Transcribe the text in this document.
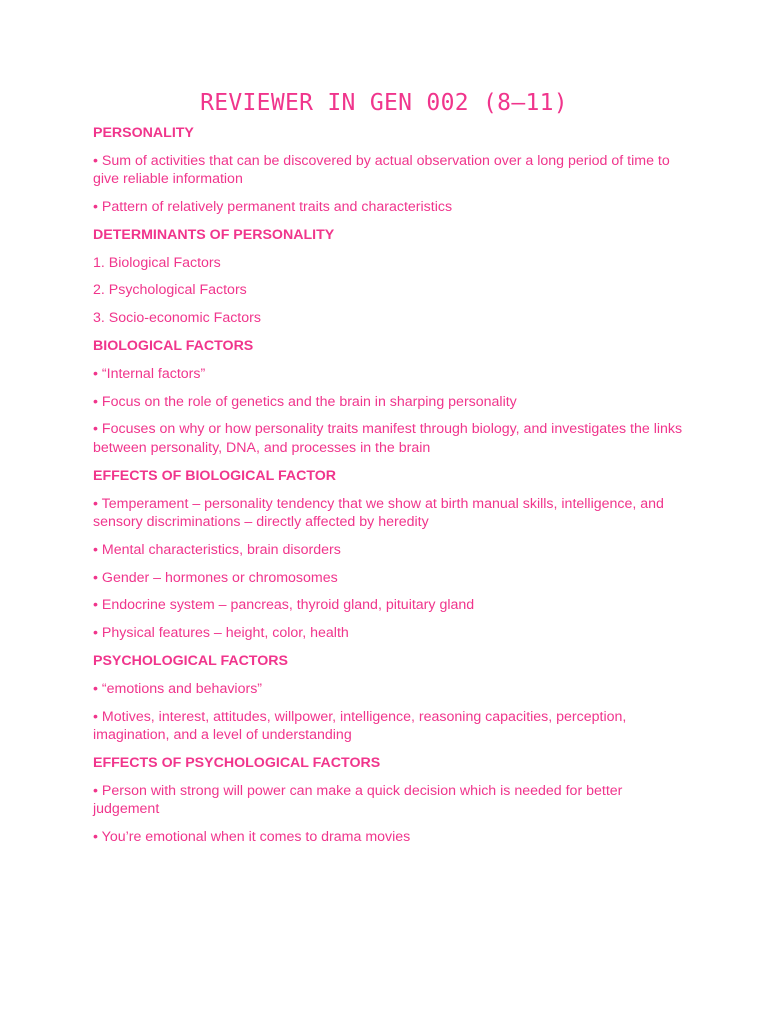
REVIEWER IN GEN 002 (8–11)
PERSONALITY
• Sum of activities that can be discovered by actual observation over a long period of time to give reliable information
• Pattern of relatively permanent traits and characteristics
DETERMINANTS OF PERSONALITY
1. Biological Factors
2. Psychological Factors
3. Socio-economic Factors
BIOLOGICAL FACTORS
• “Internal factors”
• Focus on the role of genetics and the brain in sharping personality
• Focuses on why or how personality traits manifest through biology, and investigates the links between personality, DNA, and processes in the brain
EFFECTS OF BIOLOGICAL FACTOR
• Temperament – personality tendency that we show at birth manual skills, intelligence, and sensory discriminations – directly affected by heredity
• Mental characteristics, brain disorders
• Gender – hormones or chromosomes
• Endocrine system – pancreas, thyroid gland, pituitary gland
• Physical features – height, color, health
PSYCHOLOGICAL FACTORS
• “emotions and behaviors”
• Motives, interest, attitudes, willpower, intelligence, reasoning capacities, perception, imagination, and a level of understanding
EFFECTS OF PSYCHOLOGICAL FACTORS
• Person with strong will power can make a quick decision which is needed for better judgement
• You’re emotional when it comes to drama movies
